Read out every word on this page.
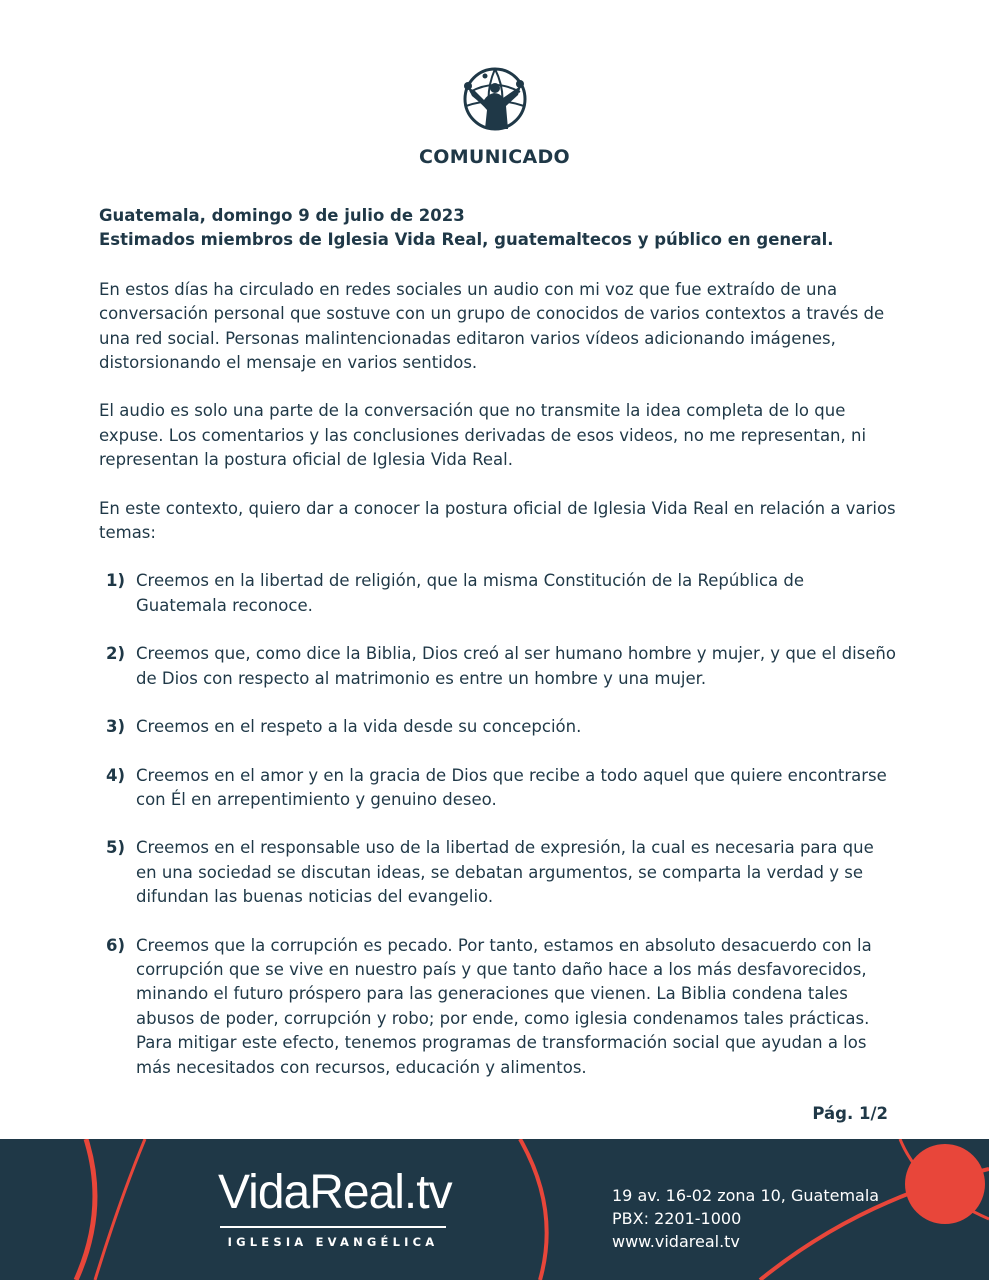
COMUNICADO
Guatemala, domingo 9 de julio de 2023
Estimados miembros de Iglesia Vida Real, guatemaltecos y público en general.

En estos días ha circulado en redes sociales un audio con mi voz que fue extraído de una conversación personal que sostuve con un grupo de conocidos de varios contextos a través de una red social. Personas malintencionadas editaron varios vídeos adicionando imágenes, distorsionando el mensaje en varios sentidos.

El audio es solo una parte de la conversación que no transmite la idea completa de lo que expuse. Los comentarios y las conclusiones derivadas de esos videos, no me representan, ni representan la postura oficial de Iglesia Vida Real.

En este contexto, quiero dar a conocer la postura oficial de Iglesia Vida Real en relación a varios temas:

1) Creemos en la libertad de religión, que la misma Constitución de la República de Guatemala reconoce.
2) Creemos que, como dice la Biblia, Dios creó al ser humano hombre y mujer, y que el diseño de Dios con respecto al matrimonio es entre un hombre y una mujer.
3) Creemos en el respeto a la vida desde su concepción.
4) Creemos en el amor y en la gracia de Dios que recibe a todo aquel que quiere encontrarse con Él en arrepentimiento y genuino deseo.
5) Creemos en el responsable uso de la libertad de expresión, la cual es necesaria para que en una sociedad se discutan ideas, se debatan argumentos, se comparta la verdad y se difundan las buenas noticias del evangelio.
6) Creemos que la corrupción es pecado. Por tanto, estamos en absoluto desacuerdo con la corrupción que se vive en nuestro país y que tanto daño hace a los más desfavorecidos, minando el futuro próspero para las generaciones que vienen. La Biblia condena tales abusos de poder, corrupción y robo; por ende, como iglesia condenamos tales prácticas. Para mitigar este efecto, tenemos programas de transformación social que ayudan a los más necesitados con recursos, educación y alimentos.
Pág. 1/2
VidaReal.tv
IGLESIA EVANGÉLICA
19 av. 16-02 zona 10, Guatemala
PBX: 2201-1000
www.vidareal.tv
